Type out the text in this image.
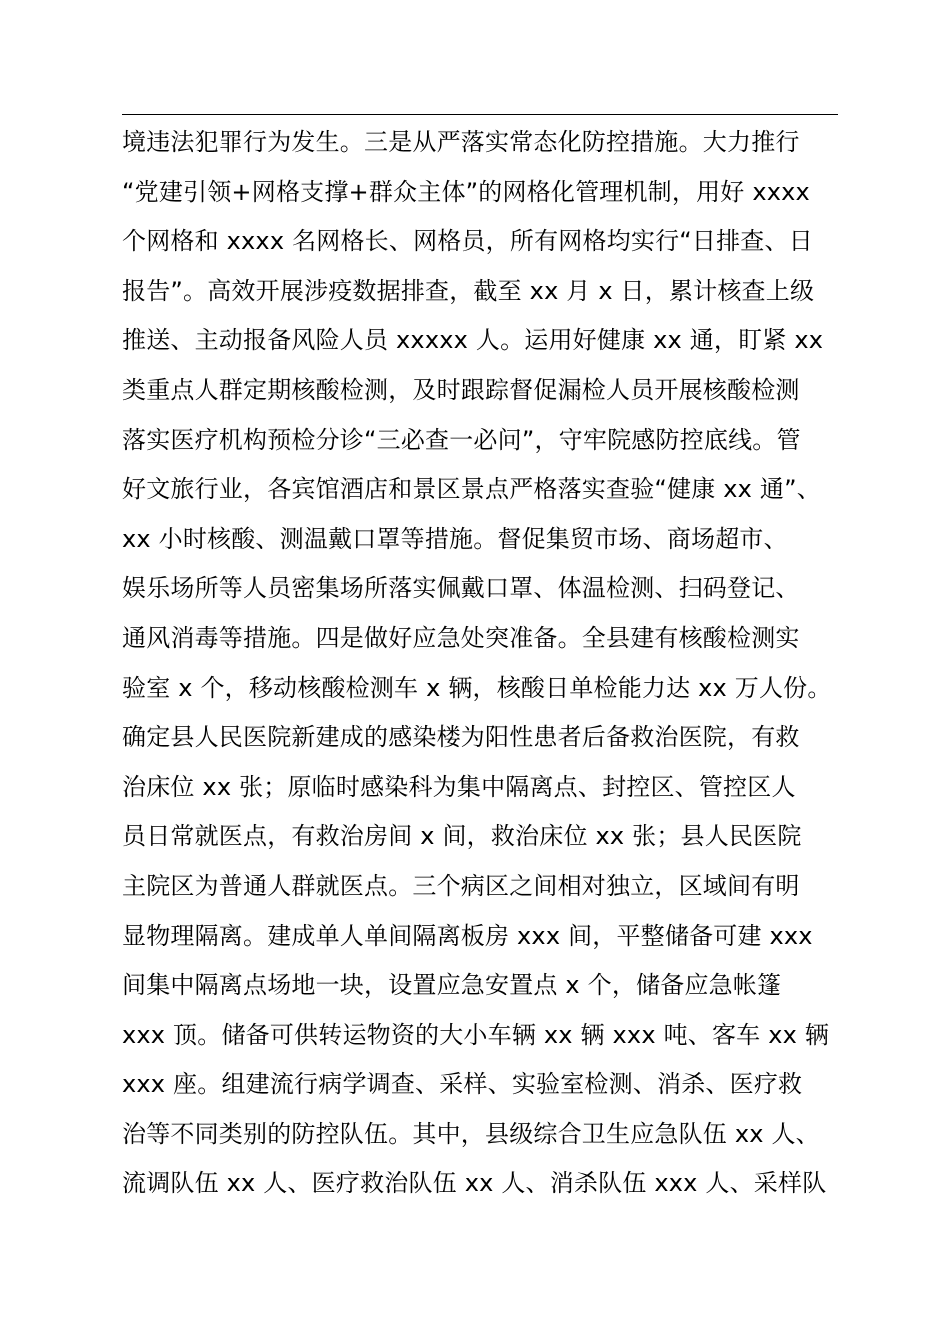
境违法犯罪行为发生。三是从严落实常态化防控措施。大力推行
“党建引领+网格支撑+群众主体”的网格化管理机制，用好 xxxx
个网格和 xxxx 名网格长、网格员，所有网格均实行“日排查、日
报告”。高效开展涉疫数据排查，截至 xx 月 x 日，累计核查上级
推送、主动报备风险人员 xxxxx 人。运用好健康 xx 通，盯紧 xx
类重点人群定期核酸检测，及时跟踪督促漏检人员开展核酸检测
落实医疗机构预检分诊“三必查一必问”，守牢院感防控底线。管
好文旅行业，各宾馆酒店和景区景点严格落实查验“健康 xx 通”、
xx 小时核酸、测温戴口罩等措施。督促集贸市场、商场超市、
娱乐场所等人员密集场所落实佩戴口罩、体温检测、扫码登记、
通风消毒等措施。四是做好应急处突准备。全县建有核酸检测实
验室 x 个，移动核酸检测车 x 辆，核酸日单检能力达 xx 万人份。
确定县人民医院新建成的感染楼为阳性患者后备救治医院，有救
治床位 xx 张；原临时感染科为集中隔离点、封控区、管控区人
员日常就医点，有救治房间 x 间，救治床位 xx 张；县人民医院
主院区为普通人群就医点。三个病区之间相对独立，区域间有明
显物理隔离。建成单人单间隔离板房 xxx 间，平整储备可建 xxx
间集中隔离点场地一块，设置应急安置点 x 个，储备应急帐篷
xxx 顶。储备可供转运物资的大小车辆 xx 辆 xxx 吨、客车 xx 辆
xxx 座。组建流行病学调查、采样、实验室检测、消杀、医疗救
治等不同类别的防控队伍。其中，县级综合卫生应急队伍 xx 人、
流调队伍 xx 人、医疗救治队伍 xx 人、消杀队伍 xxx 人、采样队
